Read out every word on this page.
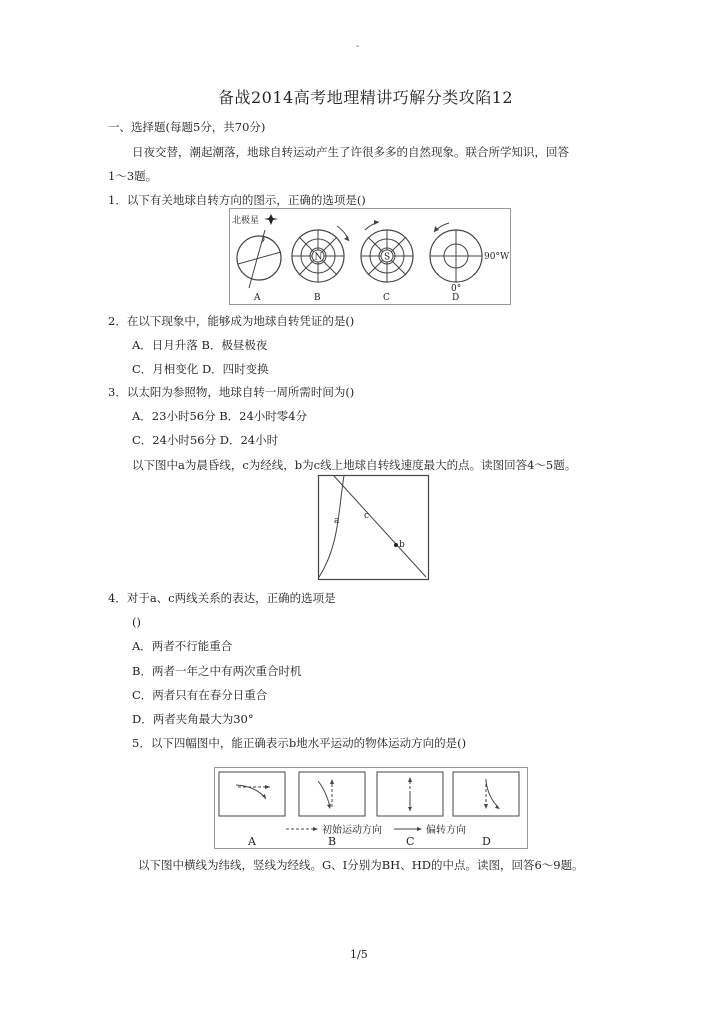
-
备战2014高考地理精讲巧解分类攻陷12
一、选择题(每题5分，共70分)
日夜交替，潮起潮落，地球自转运动产生了许很多多的自然现象。联合所学知识，回答
1～3题。
1．以下有关地球自转方向的图示，正确的选项是()
北极星
N	S	90°W
0°
A	B	C	D
2．在以下现象中，能够成为地球自转凭证的是()
A．日月升落 B．极昼极夜
C．月相变化 D．四时变换
3．以太阳为参照物，地球自转一周所需时间为()
A．23小时56分 B．24小时零4分
C．24小时56分 D．24小时
以下图中a为晨昏线，c为经线，b为c线上地球自转线速度最大的点。读图回答4～5题。
a	c
b
4．对于a、c两线关系的表达，正确的选项是
()
A．两者不行能重合
B．两者一年之中有两次重合时机
C．两者只有在春分日重合
D．两者夹角最大为30°
5．以下四幅图中，能正确表示b地水平运动的物体运动方向的是()
初始运动方向	偏转方向
A	B	C	D
以下图中横线为纬线，竖线为经线。G、I分别为BH、HD的中点。读图，回答6～9题。
1/5
